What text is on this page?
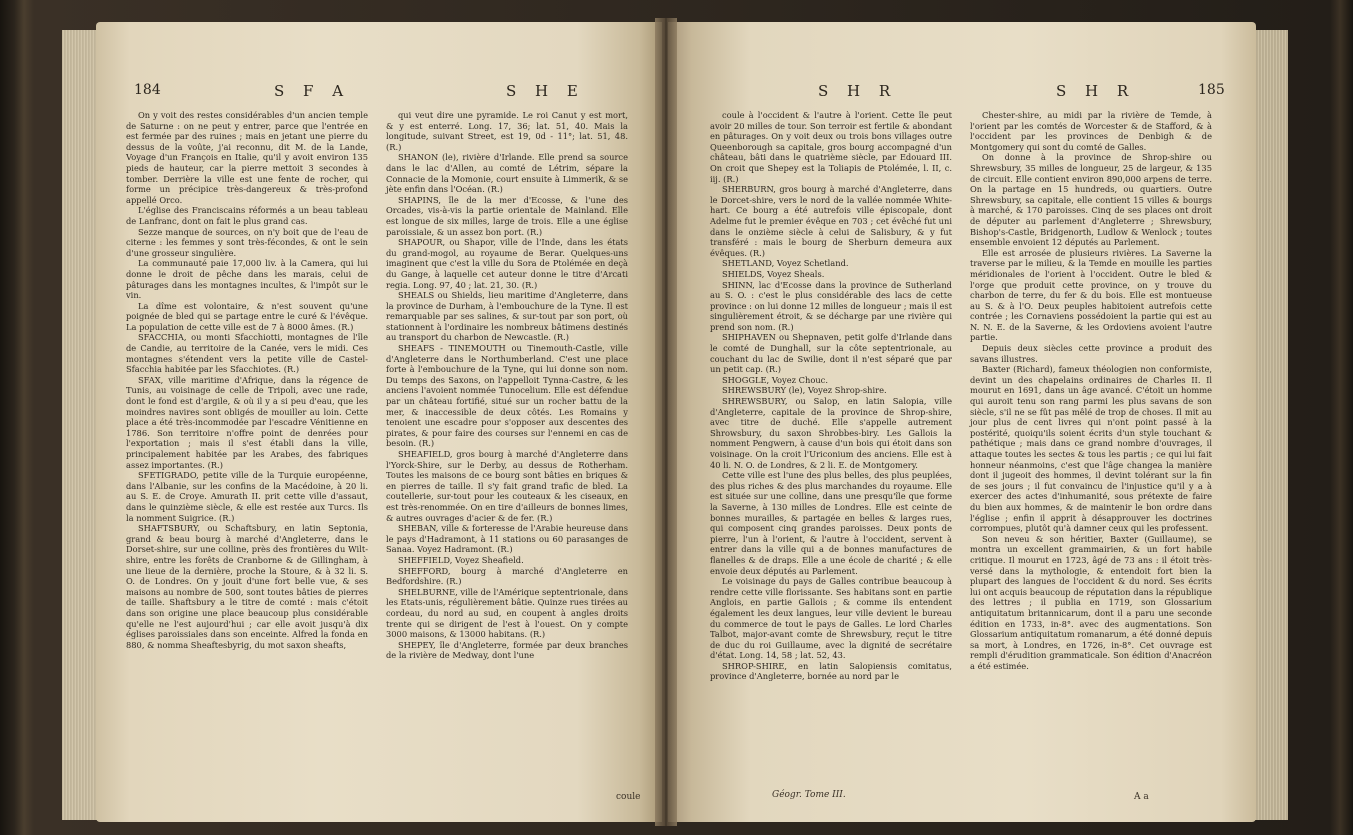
184	S F A	S H E

On y voit des restes considérables d'un ancien temple de Saturne : on ne peut y entrer, parce que l'entrée en est fermée par des ruines ; mais en jetant une pierre du dessus de la voûte, j'ai reconnu, dit M. de la Lande, Voyage d'un François en Italie, qu'il y avoit environ 135 pieds de hauteur, car la pierre mettoit 3 secondes à tomber. Derrière la ville est une fente de rocher, qui forme un précipice très-dangereux & très-profond appellé Orco.

L'église des Franciscains réformés a un beau tableau de Lanfranc, dont on fait le plus grand cas.

Sezze manque de sources, on n'y boit que de l'eau de citerne : les femmes y sont très-fécondes, & ont le sein d'une grosseur singulière.

La communauté paie 17,000 liv. à la Camera, qui lui donne le droit de pêche dans les marais, celui de pâturages dans les montagnes incultes, & l'impôt sur le vin.

La dîme est volontaire, & n'est souvent qu'une poignée de bled qui se partage entre le curé & l'évêque. La population de cette ville est de 7 à 8000 âmes. (R.)

SFACCHIA, ou monti Sfacchiotti, montagnes de l'île de Candie, au territoire de la Canée, vers le midi. Ces montagnes s'étendent vers la petite ville de Castel-Sfacchia habitée par les Sfacchiotes. (R.)

SFAX, ville maritime d'Afrique, dans la régence de Tunis, au voisinage de celle de Tripoli, avec une rade, dont le fond est d'argile, & où il y a si peu d'eau, que les moindres navires sont obligés de mouiller au loin. Cette place a été très-incommodée par l'escadre Vénitienne en 1786. Son territoire n'offre point de denrées pour l'exportation ; mais il s'est établi dans la ville, principalement habitée par les Arabes, des fabriques assez importantes. (R.)

SFETIGRADO, petite ville de la Turquie européenne, dans l'Albanie, sur les confins de la Macédoine, à 20 li. au S. E. de Croye. Amurath II. prit cette ville d'assaut, dans le quinzième siècle, & elle est restée aux Turcs. Ils la nomment Suigrice. (R.)

SHAFTSBURY, ou Schaftsbury, en latin Septonia, grand & beau bourg à marché d'Angleterre, dans le Dorset-shire, sur une colline, près des frontières du Wilt-shire, entre les forêts de Cranborne & de Gillingham, à une lieue de la dernière, proche la Stoure, & à 32 li. S. O. de Londres. On y jouit d'une fort belle vue, & ses maisons au nombre de 500, sont toutes bâties de pierres de taille. Shaftsbury a le titre de comté : mais c'étoit dans son origine une place beaucoup plus considérable qu'elle ne l'est aujourd'hui ; car elle avoit jusqu'à dix églises paroissiales dans son enceinte. Alfred la fonda en 880, & nomma Sheaftesbyrig, du mot saxon sheafts,

qui veut dire une pyramide. Le roi Canut y est mort, & y est enterré. Long. 17, 36; lat. 51, 40. Mais la longitude, suivant Street, est 19, 0d - 11°; lat. 51, 48. (R.)

SHANON (le), rivière d'Irlande. Elle prend sa source dans le lac d'Allen, au comté de Létrim, sépare la Connacie de la Momonie, court ensuite à Limmerik, & se jète enfin dans l'Océan. (R.)

SHAPINS, île de la mer d'Ecosse, & l'une des Orcades, vis-à-vis la partie orientale de Mainland. Elle est longue de six milles, large de trois. Elle a une église paroissiale, & un assez bon port. (R.)

SHAPOUR, ou Shapor, ville de l'Inde, dans les états du grand-mogol, au royaume de Berar. Quelques-uns imaginent que c'est la ville du Sora de Ptolémée en deçà du Gange, à laquelle cet auteur donne le titre d'Arcati regia. Long. 97, 40 ; lat. 21, 30. (R.)

SHEALS ou Shields, lieu maritime d'Angleterre, dans la province de Durham, à l'embouchure de la Tyne. Il est remarquable par ses salines, & sur-tout par son port, où stationnent à l'ordinaire les nombreux bâtimens destinés au transport du charbon de Newcastle. (R.)

SHEAFS - TINEMOUTH ou Tinemouth-Castle, ville d'Angleterre dans le Northumberland. C'est une place forte à l'embouchure de la Tyne, qui lui donne son nom. Du temps des Saxons, on l'appelloit Tynna-Castre, & les anciens l'avoient nommée Tunocelium. Elle est défendue par un château fortifié, situé sur un rocher battu de la mer, & inaccessible de deux côtés. Les Romains y tenoient une escadre pour s'opposer aux descentes des pirates, & pour faire des courses sur l'ennemi en cas de besoin. (R.)

SHEAFIELD, gros bourg à marché d'Angleterre dans l'Yorck-Shire, sur le Derby, au dessus de Rotherham. Toutes les maisons de ce bourg sont bâties en briques & en pierres de taille. Il s'y fait grand trafic de bled. La coutellerie, sur-tout pour les couteaux & les ciseaux, en est très-renommée. On en tire d'ailleurs de bonnes limes, & autres ouvrages d'acier & de fer. (R.)

SHEBAN, ville & forteresse de l'Arabie heureuse dans le pays d'Hadramont, à 11 stations ou 60 parasanges de Sanaa. Voyez Hadramont. (R.)

SHEFFIELD, Voyez Sheafield.

SHEFFORD, bourg à marché d'Angleterre en Bedfordshire. (R.)

SHELBURNE, ville de l'Amérique septentrionale, dans les Etats-unis, régulièrement bâtie. Quinze rues tirées au cordeau, du nord au sud, en coupent à angles droits trente qui se dirigent de l'est à l'ouest. On y compte 3000 maisons, & 13000 habitans. (R.)

SHEPEY, île d'Angleterre, formée par deux branches de la rivière de Medway, dont l'une

coule
S H R	S H R	185

coule à l'occident & l'autre à l'orient. Cette île peut avoir 20 milles de tour. Son terroir est fertile & abondant en pâturages. On y voit deux ou trois bons villages outre Queenborough sa capitale, gros bourg accompagné d'un château, bâti dans le quatrième siècle, par Edouard III. On croit que Shepey est la Toliapis de Ptolémée, l. II, c. iij. (R.)

SHERBURN, gros bourg à marché d'Angleterre, dans le Dorcet-shire, vers le nord de la vallée nommée White-hart. Ce bourg a été autrefois ville épiscopale, dont Adelme fut le premier évêque en 703 ; cet évêché fut uni dans le onzième siècle à celui de Salisbury, & y fut transféré : mais le bourg de Sherburn demeura aux évêques. (R.)

SHETLAND, Voyez Schetland.

SHIELDS, Voyez Sheals.

SHINN, lac d'Ecosse dans la province de Sutherland au S. O. : c'est le plus considérable des lacs de cette province : on lui donne 12 milles de longueur ; mais il est singulièrement étroit, & se décharge par une rivière qui prend son nom. (R.)

SHIPHAVEN ou Shepnaven, petit golfe d'Irlande dans le comté de Dunghall, sur la côte septentrionale, au couchant du lac de Swilie, dont il n'est séparé que par un petit cap. (R.)

SHOGGLE, Voyez Chouc.

SHREWSBURY (le), Voyez Shrop-shire.

SHREWSBURY, ou Salop, en latin Salopia, ville d'Angleterre, capitale de la province de Shrop-shire, avec titre de duché. Elle s'appelle autrement Shrowsbury, du saxon Shrobbes-biry. Les Gallois la nomment Pengwern, à cause d'un bois qui étoit dans son voisinage. On la croit l'Uriconium des anciens. Elle est à 40 li. N. O. de Londres, & 2 li. E. de Montgomery.

Cette ville est l'une des plus belles, des plus peuplées, des plus riches & des plus marchandes du royaume. Elle est située sur une colline, dans une presqu'île que forme la Saverne, à 130 milles de Londres. Elle est ceinte de bonnes murailles, & partagée en belles & larges rues, qui composent cinq grandes paroisses. Deux ponts de pierre, l'un à l'orient, & l'autre à l'occident, servent à entrer dans la ville qui a de bonnes manufactures de flanelles & de draps. Elle a une école de charité ; & elle envoie deux députés au Parlement.

Le voisinage du pays de Galles contribue beaucoup à rendre cette ville florissante. Ses habitans sont en partie Anglois, en partie Gallois ; & comme ils entendent également les deux langues, leur ville devient le bureau du commerce de tout le pays de Galles. Le lord Charles Talbot, major-avant comte de Shrewsbury, reçut le titre de duc du roi Guillaume, avec la dignité de secrétaire d'état. Long. 14, 58 ; lat. 52, 43.

SHROP-SHIRE, en latin Salopiensis comitatus, province d'Angleterre, bornée au nord par le

Chester-shire, au midi par la rivière de Temde, à l'orient par les comtés de Worcester & de Stafford, & à l'occident par les provinces de Denbigh & de Montgomery qui sont du comté de Galles.

On donne à la province de Shrop-shire ou Shrewsbury, 35 milles de longueur, 25 de largeur, & 135 de circuit. Elle contient environ 890,000 arpens de terre. On la partage en 15 hundreds, ou quartiers. Outre Shrewsbury, sa capitale, elle contient 15 villes & bourgs à marché, & 170 paroisses. Cinq de ses places ont droit de députer au parlement d'Angleterre ; Shrewsbury, Bishop's-Castle, Bridgenorth, Ludlow & Wenlock ; toutes ensemble envoient 12 députés au Parlement.

Elle est arrosée de plusieurs rivières. La Saverne la traverse par le milieu, & la Temde en mouille les parties méridionales de l'orient à l'occident. Outre le bled & l'orge que produit cette province, on y trouve du charbon de terre, du fer & du bois. Elle est montueuse au S. & à l'O. Deux peuples habitoient autrefois cette contrée ; les Cornaviens possédoient la partie qui est au N. N. E. de la Saverne, & les Ordoviens avoient l'autre partie.

Depuis deux siècles cette province a produit des savans illustres.

Baxter (Richard), fameux théologien non conformiste, devint un des chapelains ordinaires de Charles II. Il mourut en 1691, dans un âge avancé. C'étoit un homme qui auroit tenu son rang parmi les plus savans de son siècle, s'il ne se fût pas mêlé de trop de choses. Il mit au jour plus de cent livres qui n'ont point passé à la postérité, quoiqu'ils soient écrits d'un style touchant & pathétique ; mais dans ce grand nombre d'ouvrages, il attaque toutes les sectes & tous les partis ; ce qui lui fait honneur néanmoins, c'est que l'âge changea la manière dont il jugeoit des hommes, il devint tolérant sur la fin de ses jours ; il fut convaincu de l'injustice qu'il y a à exercer des actes d'inhumanité, sous prétexte de faire du bien aux hommes, & de maintenir le bon ordre dans l'église ; enfin il apprit à désapprouver les doctrines corrompues, plutôt qu'à damner ceux qui les professent.

Son neveu & son héritier, Baxter (Guillaume), se montra un excellent grammairien, & un fort habile critique. Il mourut en 1723, âgé de 73 ans : il étoit très-versé dans la mythologie, & entendoit fort bien la plupart des langues de l'occident & du nord. Ses écrits lui ont acquis beaucoup de réputation dans la république des lettres ; il publia en 1719, son Glossarium antiquitatum britannicarum, dont il a paru une seconde édition en 1733, in-8°. avec des augmentations. Son Glossarium antiquitatum romanarum, a été donné depuis sa mort, à Londres, en 1726, in-8°. Cet ouvrage est rempli d'érudition grammaticale. Son édition d'Anacréon a été estimée.

Géogr. Tome III.	A a
